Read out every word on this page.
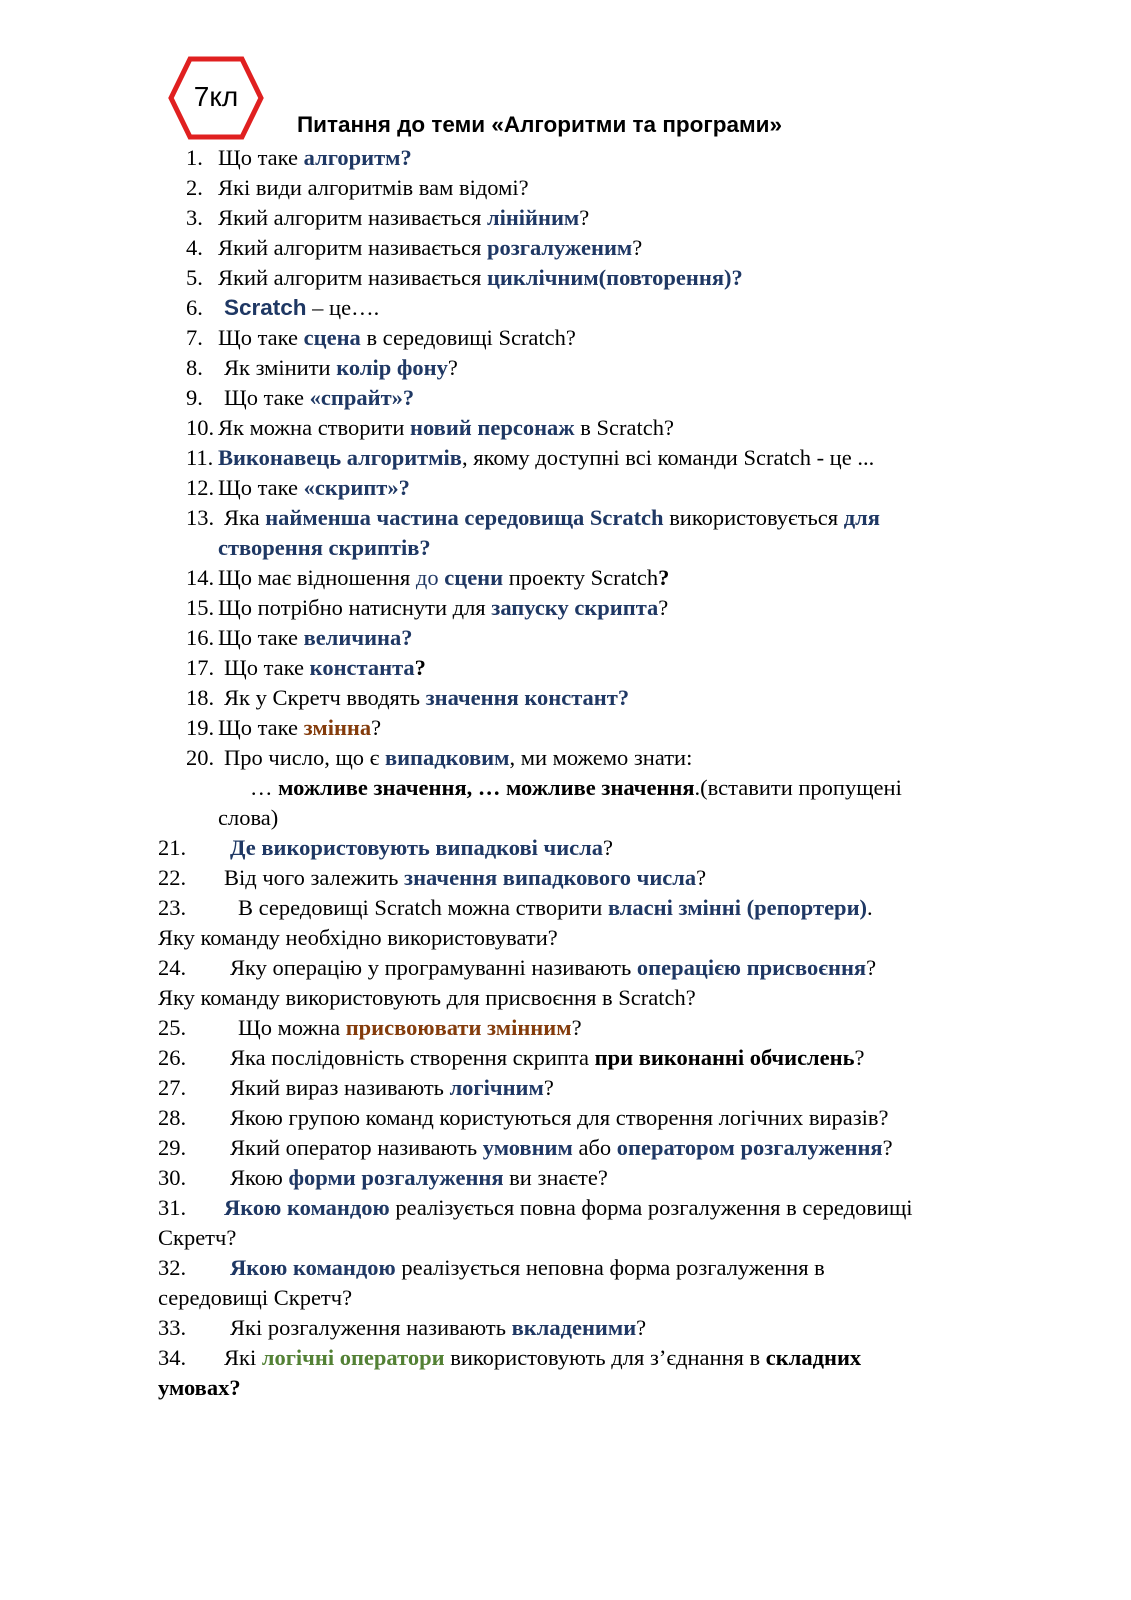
7кл
Питання до теми «Алгоритми та програми»
1. Що таке алгоритм?
2. Які види алгоритмів вам відомі?
3. Який алгоритм називається лінійним?
4. Який алгоритм називається розгалуженим?
5. Який алгоритм називається циклічним(повторення)?
6. Scratch – це….
7. Що таке сцена в середовищі Scratch?
8. Як змінити колір фону?
9. Що таке «спрайт»?
10. Як можна створити новий персонаж в Scratch?
11. Виконавець алгоритмів, якому доступні всі команди Scratch - це ...
12. Що таке «скрипт»?
13. Яка найменша частина середовища Scratch використовується для
створення скриптів?
14. Що має відношення до сцени проекту Scratch?
15. Що потрібно натиснути для запуску скрипта?
16. Що таке величина?
17. Що таке константа?
18. Як у Скретч вводять значення констант?
19. Що таке змінна?
20. Про число, що є випадковим, ми можемо знати:
… можливе значення, … можливе значення.(вставити пропущені
слова)
21. Де використовують випадкові числа?
22. Від чого залежить значення випадкового числа?
23. В середовищі Scratch можна створити власні змінні (репортери).
Яку команду необхідно використовувати?
24. Яку операцію у програмуванні називають операцією присвоєння?
Яку команду використовують для присвоєння в Scratch?
25. Що можна присвоювати змінним?
26. Яка послідовність створення скрипта при виконанні обчислень?
27. Який вираз називають логічним?
28. Якою групою команд користуються для створення логічних виразів?
29. Який оператор називають умовним або оператором розгалуження?
30. Якою форми розгалуження ви знаєте?
31. Якою командою реалізується повна форма розгалуження в середовищі
Скретч?
32. Якою командою реалізується неповна форма розгалуження в
середовищі Скретч?
33. Які розгалуження називають вкладеними?
34. Які логічні оператори використовують для з’єднання в складних
умовах?
